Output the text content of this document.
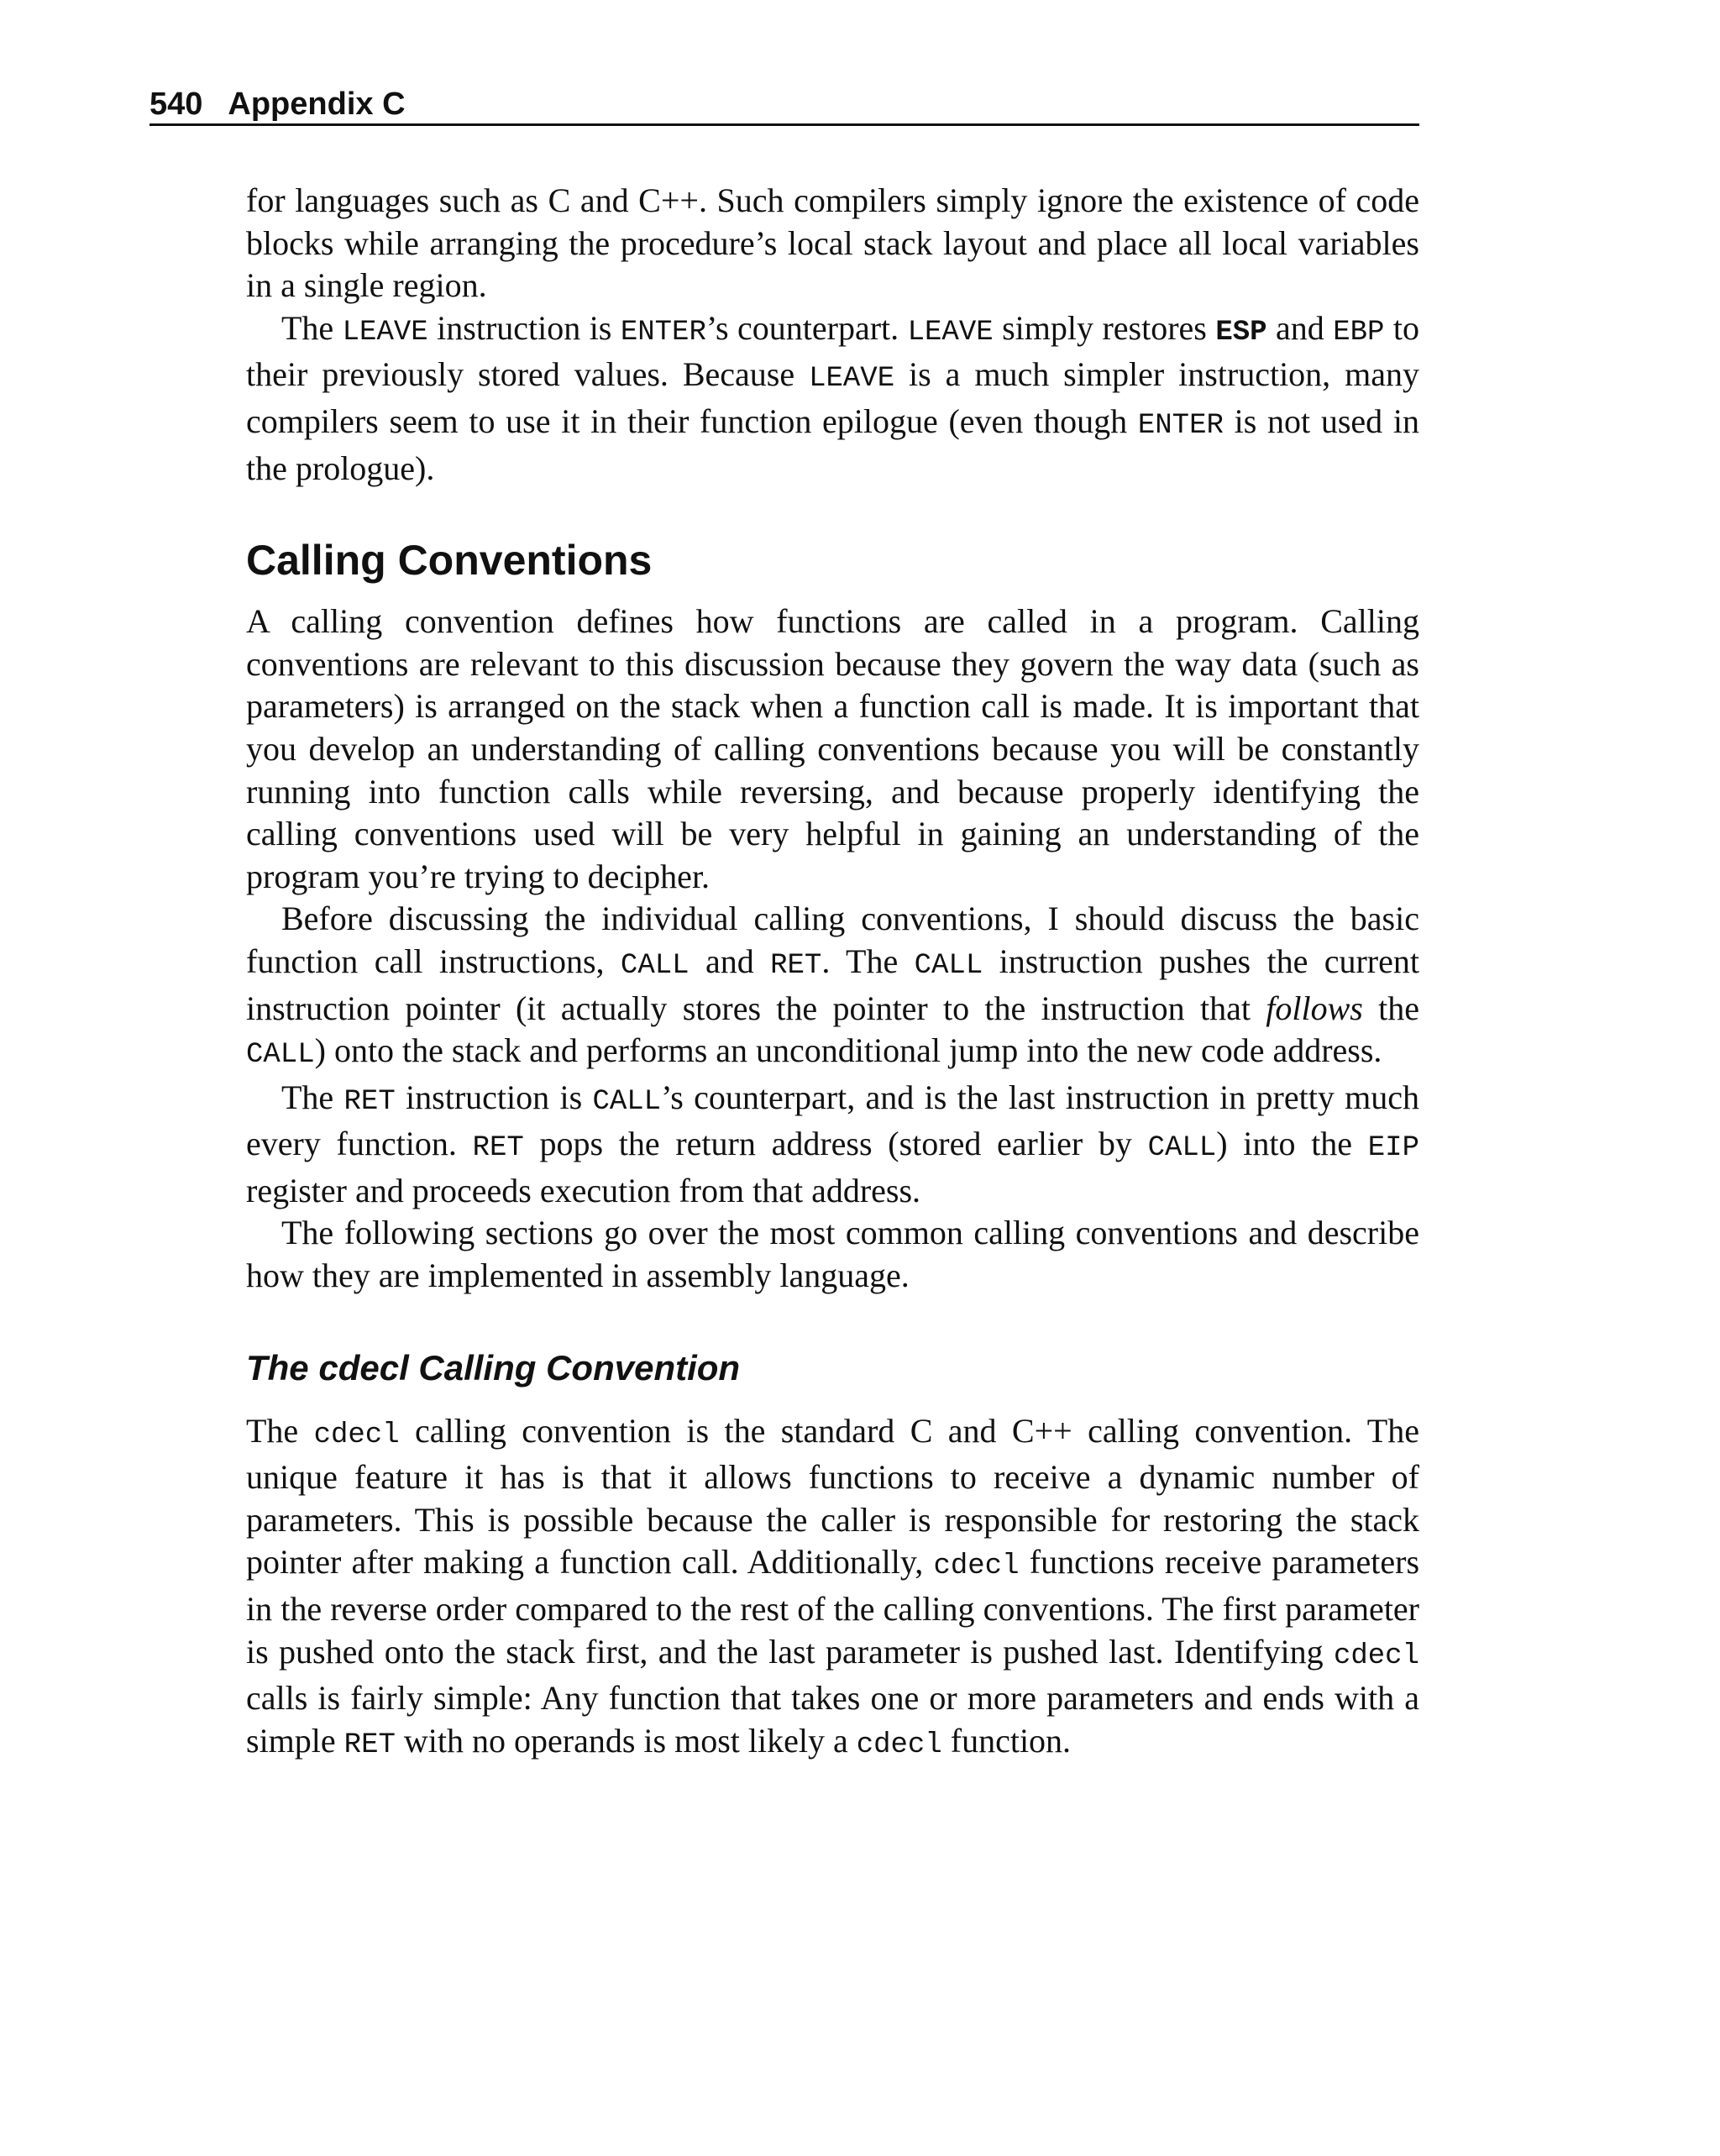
540 Appendix C

for languages such as C and C++. Such compilers simply ignore the existence of code blocks while arranging the procedure’s local stack layout and place all local variables in a single region.

The LEAVE instruction is ENTER’s counterpart. LEAVE simply restores ESP and EBP to their previously stored values. Because LEAVE is a much simpler instruction, many compilers seem to use it in their function epilogue (even though ENTER is not used in the prologue).

Calling Conventions

A calling convention defines how functions are called in a program. Calling conventions are relevant to this discussion because they govern the way data (such as parameters) is arranged on the stack when a function call is made. It is important that you develop an understanding of calling conventions because you will be constantly running into function calls while reversing, and because properly identifying the calling conventions used will be very helpful in gaining an understanding of the program you’re trying to decipher.

Before discussing the individual calling conventions, I should discuss the basic function call instructions, CALL and RET. The CALL instruction pushes the current instruction pointer (it actually stores the pointer to the instruction that follows the CALL) onto the stack and performs an unconditional jump into the new code address.

The RET instruction is CALL’s counterpart, and is the last instruction in pretty much every function. RET pops the return address (stored earlier by CALL) into the EIP register and proceeds execution from that address.

The following sections go over the most common calling conventions and describe how they are implemented in assembly language.

The cdecl Calling Convention

The cdecl calling convention is the standard C and C++ calling convention. The unique feature it has is that it allows functions to receive a dynamic number of parameters. This is possible because the caller is responsible for restoring the stack pointer after making a function call. Additionally, cdecl functions receive parameters in the reverse order compared to the rest of the calling conventions. The first parameter is pushed onto the stack first, and the last parameter is pushed last. Identifying cdecl calls is fairly simple: Any function that takes one or more parameters and ends with a simple RET with no operands is most likely a cdecl function.
